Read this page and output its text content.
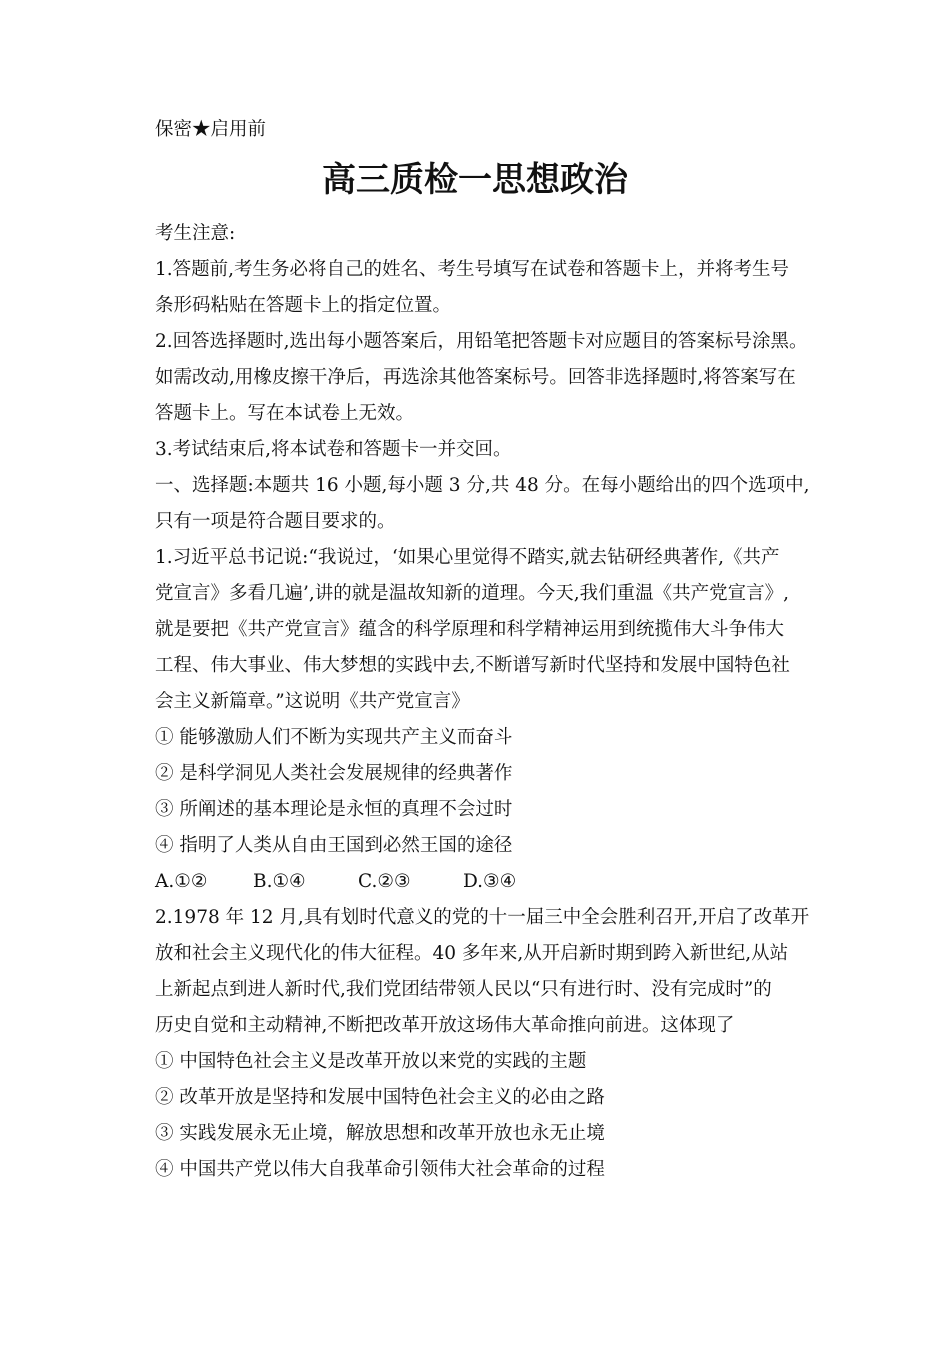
保密★启用前
高三质检一思想政治
考生注意:
1.答题前,考生务必将自己的姓名、考生号填写在试卷和答题卡上，并将考生号
条形码粘贴在答题卡上的指定位置。
2.回答选择题时,选出每小题答案后，用铅笔把答题卡对应题目的答案标号涂黑。
如需改动,用橡皮擦干净后，再选涂其他答案标号。回答非选择题时,将答案写在
答题卡上。写在本试卷上无效。
3.考试结束后,将本试卷和答题卡一并交回。
一、选择题:本题共 16 小题,每小题 3 分,共 48 分。在每小题给出的四个选项中,
只有一项是符合题目要求的。
1.习近平总书记说:“我说过，‘如果心里觉得不踏实,就去钻研经典著作,《共产
党宣言》多看几遍’,讲的就是温故知新的道理。今天,我们重温《共产党宣言》,
就是要把《共产党宣言》蕴含的科学原理和科学精神运用到统揽伟大斗争伟大
工程、伟大事业、伟大梦想的实践中去,不断谱写新时代坚持和发展中国特色社
会主义新篇章。”这说明《共产党宣言》
① 能够激励人们不断为实现共产主义而奋斗
② 是科学洞见人类社会发展规律的经典著作
③ 所阐述的基本理论是永恒的真理不会过时
④ 指明了人类从自由王国到必然王国的途径
A.①② B.①④	C.②③	D.③④
2.1978 年 12 月,具有划时代意义的党的十一届三中全会胜利召开,开启了改革开
放和社会主义现代化的伟大征程。40 多年来,从开启新时期到跨入新世纪,从站
上新起点到进人新时代,我们党团结带领人民以“只有进行时、没有完成时”的
历史自觉和主动精神,不断把改革开放这场伟大革命推向前进。这体现了
① 中国特色社会主义是改革开放以来党的实践的主题
② 改革开放是坚持和发展中国特色社会主义的必由之路
③ 实践发展永无止境，解放思想和改革开放也永无止境
④ 中国共产党以伟大自我革命引领伟大社会革命的过程
